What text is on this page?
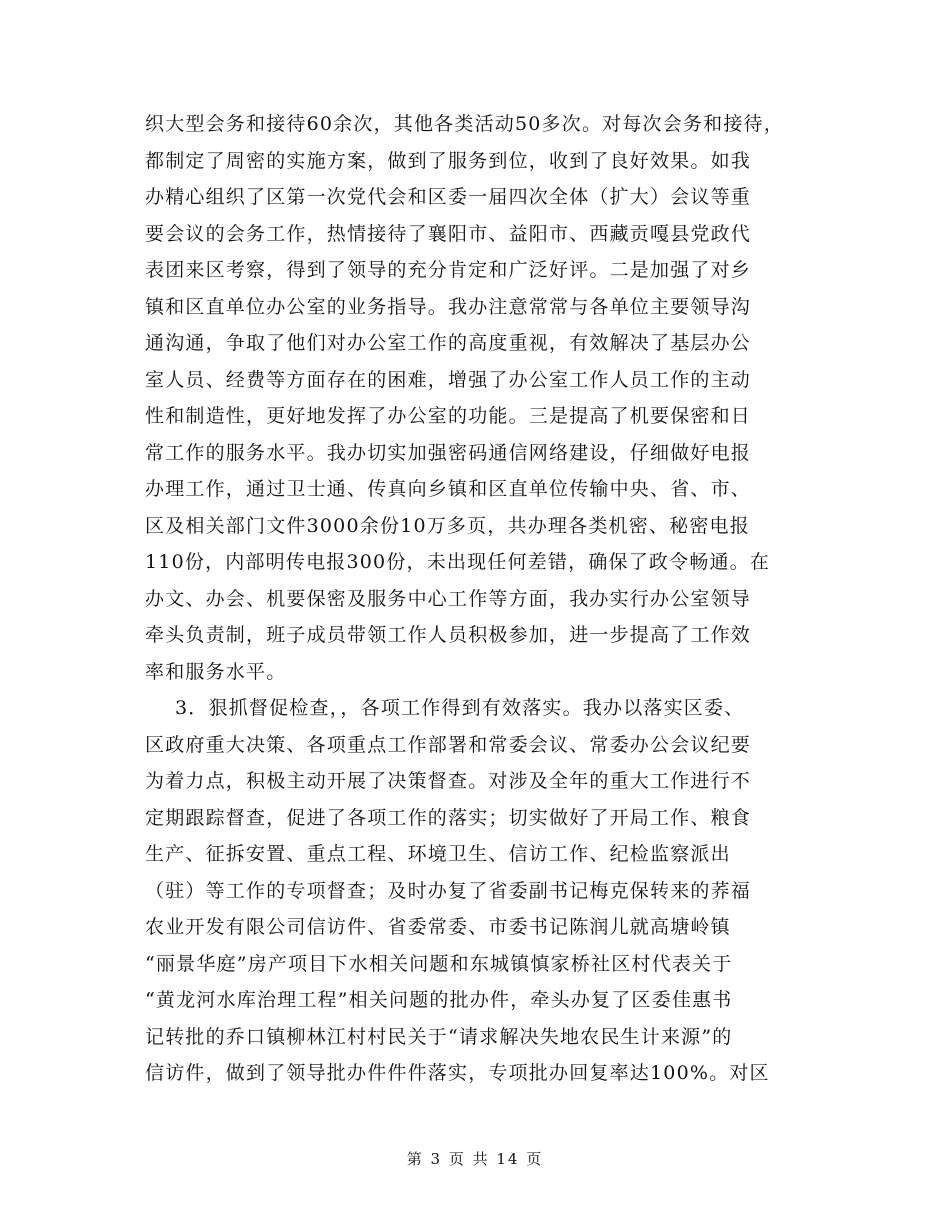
织大型会务和接待60余次，其他各类活动50多次。对每次会务和接待，
都制定了周密的实施方案，做到了服务到位，收到了良好效果。如我
办精心组织了区第一次党代会和区委一届四次全体（扩大）会议等重
要会议的会务工作，热情接待了襄阳市、益阳市、西藏贡嘎县党政代
表团来区考察，得到了领导的充分肯定和广泛好评。二是加强了对乡
镇和区直单位办公室的业务指导。我办注意常常与各单位主要领导沟
通沟通，争取了他们对办公室工作的高度重视，有效解决了基层办公
室人员、经费等方面存在的困难，增强了办公室工作人员工作的主动
性和制造性，更好地发挥了办公室的功能。三是提高了机要保密和日
常工作的服务水平。我办切实加强密码通信网络建设，仔细做好电报
办理工作，通过卫士通、传真向乡镇和区直单位传输中央、省、市、
区及相关部门文件3000余份10万多页，共办理各类机密、秘密电报
110份，内部明传电报300份，未出现任何差错，确保了政令畅通。在
办文、办会、机要保密及服务中心工作等方面，我办实行办公室领导
牵头负责制，班子成员带领工作人员积极参加，进一步提高了工作效
率和服务水平。
3．狠抓督促检查，，各项工作得到有效落实。我办以落实区委、
区政府重大决策、各项重点工作部署和常委会议、常委办公会议纪要
为着力点，积极主动开展了决策督查。对涉及全年的重大工作进行不
定期跟踪督查，促进了各项工作的落实；切实做好了开局工作、粮食
生产、征拆安置、重点工程、环境卫生、信访工作、纪检监察派出
（驻）等工作的专项督查；及时办复了省委副书记梅克保转来的荞福
农业开发有限公司信访件、省委常委、市委书记陈润儿就高塘岭镇
“丽景华庭”房产项目下水相关问题和东城镇慎家桥社区村代表关于
“黄龙河水库治理工程”相关问题的批办件，牵头办复了区委佳惠书
记转批的乔口镇柳林江村村民关于“请求解决失地农民生计来源”的
信访件，做到了领导批办件件件落实，专项批办回复率达100%。对区
第 3 页 共 14 页
